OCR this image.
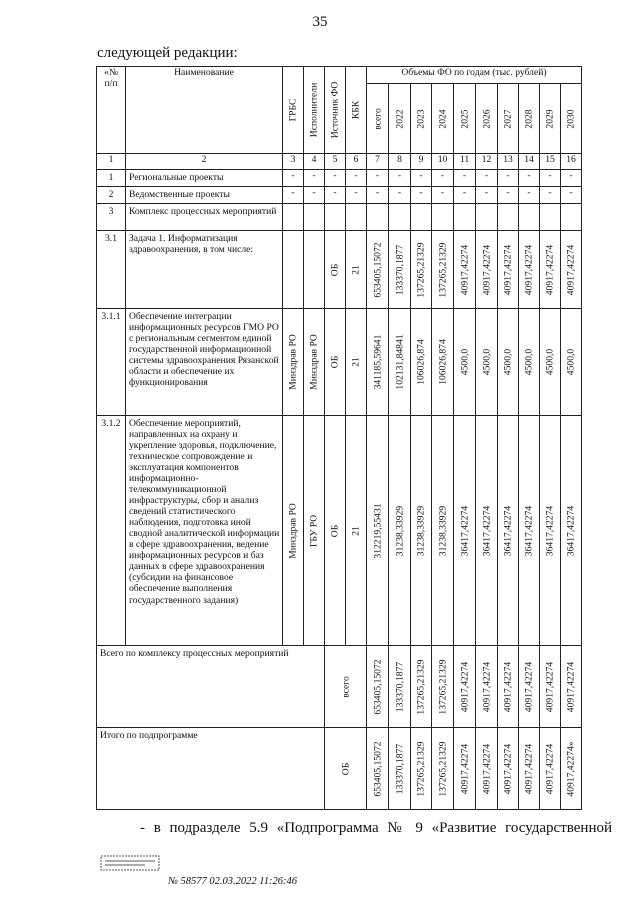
35
следующей редакции:
«№
п/п	Наименование	ГРБС	Исполнители	Источник ФО	КБК	Объемы ФО по годам (тыс. рублей)									

						всего	2022	2023	2024	2025	2026	2027	2028	2029	2030

1	2	3	4	5	6	7	8	9	10	11	12	13	14	15	16
1	Региональные проекты	-	-	-	-	-	-	-	-	-	-	-	-	-	-
2	Ведомственные проекты	-	-	-	-	-	-	-	-	-	-	-	-	-	-
3	Комплекс процессных мероприятий														
3.1	Задача 1. Информатизация здравоохранения, в том числе:			ОБ	21	653405,15072	133370,1877	137265,21329	137265,21329	40917,42274	40917,42274	40917,42274	40917,42274	40917,42274	40917,42274

3.1.1	Обеспечение интеграции информационных ресурсов ГМО РО с региональным сегментом единой государственной информационной системы здравоохранения Рязанской области и обеспечение их функционирования	Минздрав РО	Минздрав РО	ОБ	21	341185,59641	102131,84841	106026,874	106026,874	4500,0	4500,0	4500,0	4500,0	4500,0	4500,0

3.1.2	Обеспечение мероприятий, направленных на охрану и укрепление здоровья, подключение, техническое сопровождение и эксплуатация компонентов информационно-телекоммуникационной инфраструктуры, сбор и анализ сведений статистического наблюдения, подготовка иной сводной аналитической информации в сфере здравоохранения, ведение информационных ресурсов и баз данных в сфере здравоохранения (субсидии на финансовое обеспечение выполнения государственного задания)	Минздрав РО	ГБУ РО	ОБ	21	312219,55431	31238,33929	31238,33929	31238,33929	36417,42274	36417,42274	36417,42274	36417,42274	36417,42274	36417,42274

Всего по комплексу процессных мероприятий				всего		653405,15072	133370,1877	137265,21329	137265,21329	40917,42274	40917,42274	40917,42274	40917,42274	40917,42274	40917,42274

Итого по подпрограмме				ОБ		653405,15072	133370,1877	137265,21329	137265,21329	40917,42274	40917,42274	40917,42274	40917,42274	40917,42274	40917,42274»
- в подразделе 5.9 «Подпрограмма № 9 «Развитие государственной
№ 58577 02.03.2022 11:26:46
